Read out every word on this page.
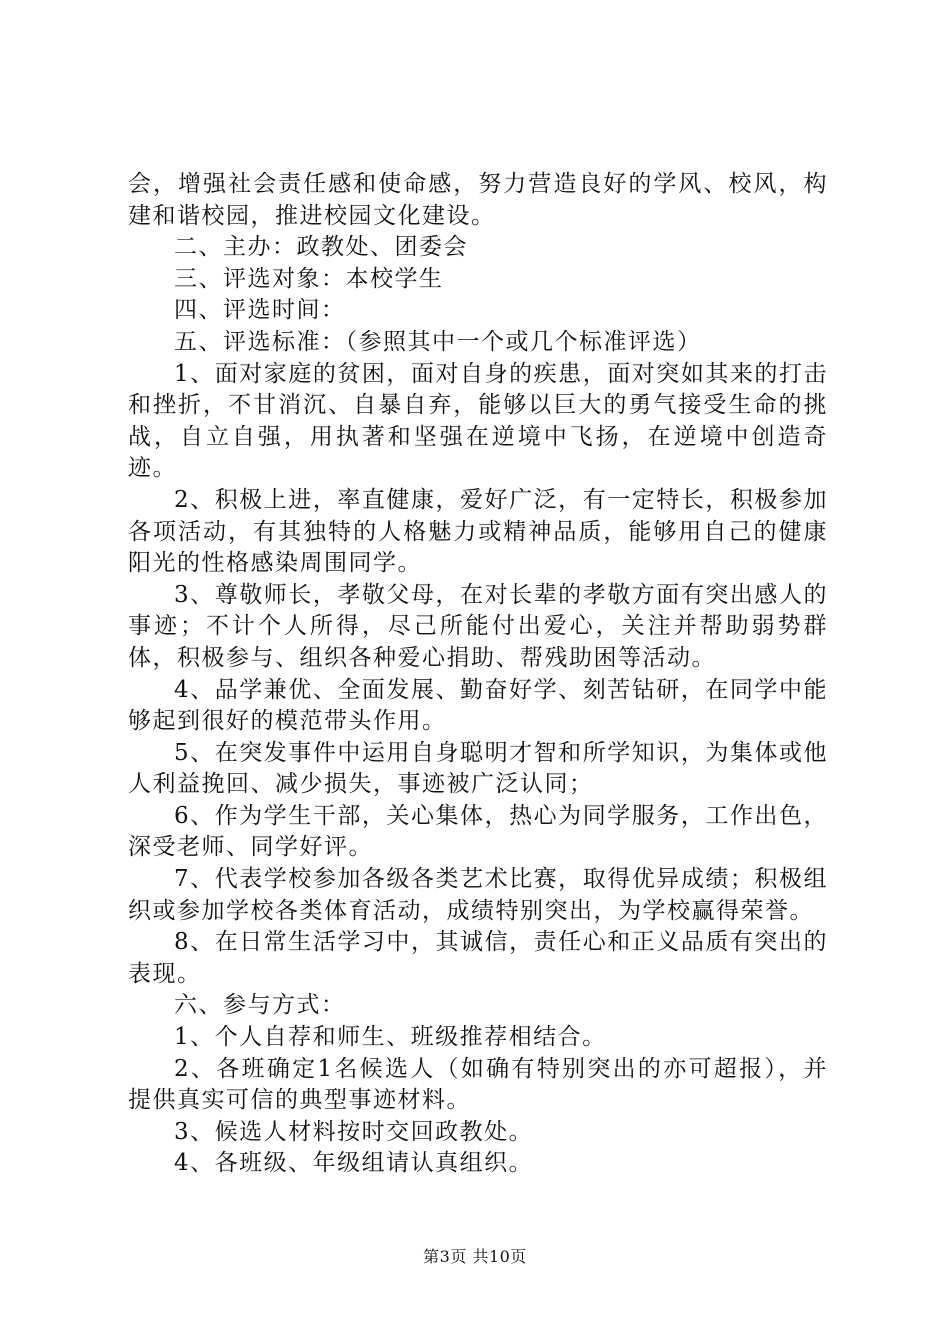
会，增强社会责任感和使命感，努力营造良好的学风、校风，构建和谐校园，推进校园文化建设。

二、主办：政教处、团委会

三、评选对象：本校学生

四、评选时间：

五、评选标准：（参照其中一个或几个标准评选）

1、面对家庭的贫困，面对自身的疾患，面对突如其来的打击和挫折，不甘消沉、自暴自弃，能够以巨大的勇气接受生命的挑战，自立自强，用执著和坚强在逆境中飞扬，在逆境中创造奇迹。

2、积极上进，率直健康，爱好广泛，有一定特长，积极参加各项活动，有其独特的人格魅力或精神品质，能够用自己的健康阳光的性格感染周围同学。

3、尊敬师长，孝敬父母，在对长辈的孝敬方面有突出感人的事迹；不计个人所得，尽己所能付出爱心，关注并帮助弱势群体，积极参与、组织各种爱心捐助、帮残助困等活动。

4、品学兼优、全面发展、勤奋好学、刻苦钻研，在同学中能够起到很好的模范带头作用。

5、在突发事件中运用自身聪明才智和所学知识，为集体或他人利益挽回、减少损失，事迹被广泛认同；

6、作为学生干部，关心集体，热心为同学服务，工作出色，深受老师、同学好评。

7、代表学校参加各级各类艺术比赛，取得优异成绩；积极组织或参加学校各类体育活动，成绩特别突出，为学校赢得荣誉。

8、在日常生活学习中，其诚信，责任心和正义品质有突出的表现。

六、参与方式：

1、个人自荐和师生、班级推荐相结合。

2、各班确定1名候选人（如确有特别突出的亦可超报），并提供真实可信的典型事迹材料。

3、候选人材料按时交回政教处。

4、各班级、年级组请认真组织。

第3页 共10页
